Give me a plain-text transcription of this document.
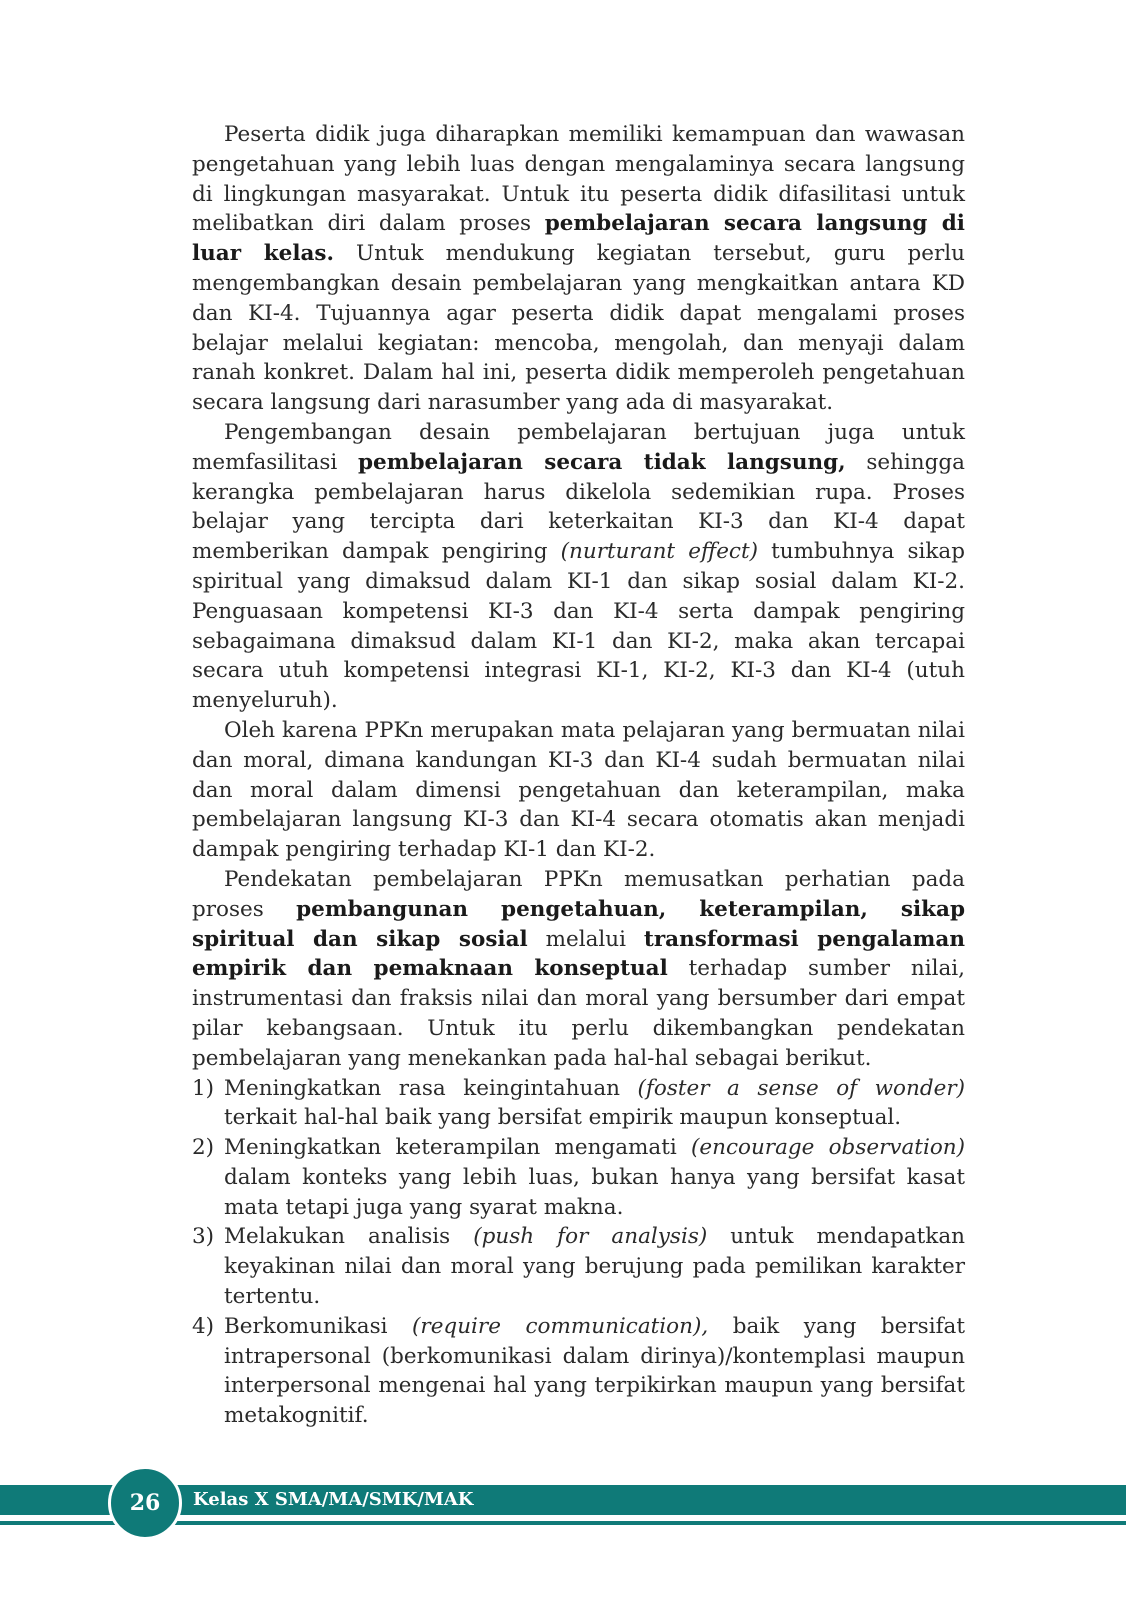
Peserta didik juga diharapkan memiliki kemampuan dan wawasan pengetahuan yang lebih luas dengan mengalaminya secara langsung di lingkungan masyarakat. Untuk itu peserta didik difasilitasi untuk melibatkan diri dalam proses pembelajaran secara langsung di luar kelas. Untuk mendukung kegiatan tersebut, guru perlu mengembangkan desain pembelajaran yang mengkaitkan antara KD dan KI-4. Tujuannya agar peserta didik dapat mengalami proses belajar melalui kegiatan: mencoba, mengolah, dan menyaji dalam ranah konkret. Dalam hal ini, peserta didik memperoleh pengetahuan secara langsung dari narasumber yang ada di masyarakat.

Pengembangan desain pembelajaran bertujuan juga untuk memfasilitasi pembelajaran secara tidak langsung, sehingga kerangka pembelajaran harus dikelola sedemikian rupa. Proses belajar yang tercipta dari keterkaitan KI-3 dan KI-4 dapat memberikan dampak pengiring (nurturant effect) tumbuhnya sikap spiritual yang dimaksud dalam KI-1 dan sikap sosial dalam KI-2. Penguasaan kompetensi KI-3 dan KI-4 serta dampak pengiring sebagaimana dimaksud dalam KI-1 dan KI-2, maka akan tercapai secara utuh kompetensi integrasi KI-1, KI-2, KI-3 dan KI-4 (utuh menyeluruh).

Oleh karena PPKn merupakan mata pelajaran yang bermuatan nilai dan moral, dimana kandungan KI-3 dan KI-4 sudah bermuatan nilai dan moral dalam dimensi pengetahuan dan keterampilan, maka pembelajaran langsung KI-3 dan KI-4 secara otomatis akan menjadi dampak pengiring terhadap KI-1 dan KI-2.

Pendekatan pembelajaran PPKn memusatkan perhatian pada proses pembangunan pengetahuan, keterampilan, sikap spiritual dan sikap sosial melalui transformasi pengalaman empirik dan pemaknaan konseptual terhadap sumber nilai, instrumentasi dan fraksis nilai dan moral yang bersumber dari empat pilar kebangsaan. Untuk itu perlu dikembangkan pendekatan pembelajaran yang menekankan pada hal-hal sebagai berikut.

1) Meningkatkan rasa keingintahuan (foster a sense of wonder) terkait hal-hal baik yang bersifat empirik maupun konseptual.
2) Meningkatkan keterampilan mengamati (encourage observation) dalam konteks yang lebih luas, bukan hanya yang bersifat kasat mata tetapi juga yang syarat makna.
3) Melakukan analisis (push for analysis) untuk mendapatkan keyakinan nilai dan moral yang berujung pada pemilikan karakter tertentu.
4) Berkomunikasi (require communication), baik yang bersifat intrapersonal (berkomunikasi dalam dirinya)/kontemplasi maupun interpersonal mengenai hal yang terpikirkan maupun yang bersifat metakognitif.
26 Kelas X SMA/MA/SMK/MAK
